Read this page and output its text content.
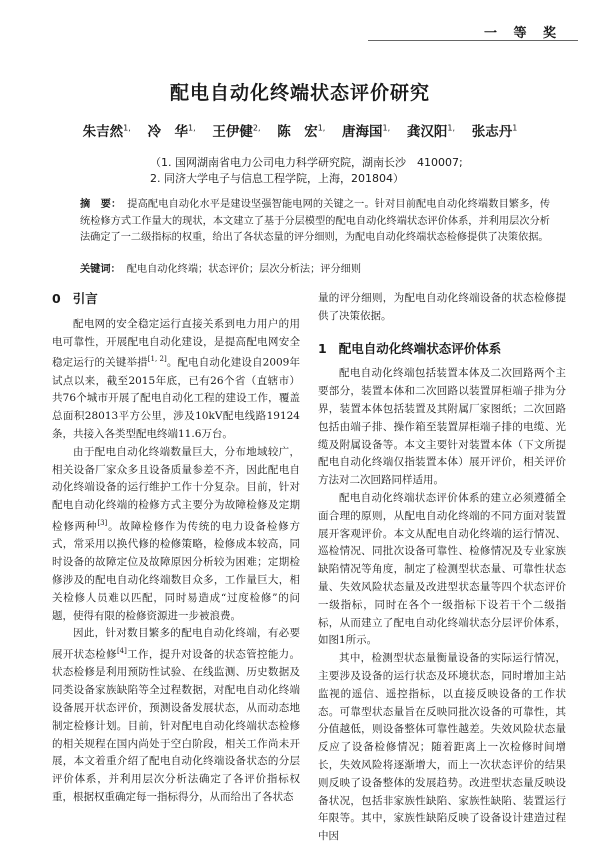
一 等 奖
配电自动化终端状态评价研究
朱吉然$^{1,}$ 冷　华$^{1,}$ 王伊健$^{2,}$ 陈　宏$^{1,}$ 唐海国$^{1,}$ 龚汉阳$^{1,}$ 张志丹$^1$
（1. 国网湖南省电力公司电力科学研究院，湖南长沙　410007;
2. 同济大学电子与信息工程学院，上海，201804）
摘　要： 提高配电自动化水平是建设坚强智能电网的关键之一。针对目前配电自动化终端数目繁多，传统检修方式工作量大的现状，本文建立了基于分层模型的配电自动化终端状态评价体系，并利用层次分析法确定了一二级指标的权重，给出了各状态量的评分细则，为配电自动化终端状态检修提供了决策依据。
关键词： 配电自动化终端；状态评价；层次分析法；评分细则
0 引言

配电网的安全稳定运行直接关系到电力用户的用电可靠性，开展配电自动化建设，是提高配电网安全稳定运行的关键举措[1, 2]。配电自动化建设自2009年试点以来，截至2015年底，已有26个省（直辖市）共76个城市开展了配电自动化工程的建设工作，覆盖总面积28013平方公里，涉及10kV配电线路19124条，共接入各类型配电终端11.6万台。

由于配电自动化终端数量巨大，分布地域较广，相关设备厂家众多且设备质量参差不齐，因此配电自动化终端设备的运行维护工作十分复杂。目前，针对配电自动化终端的检修方式主要分为故障检修及定期检修两种[3]。故障检修作为传统的电力设备检修方式，常采用以换代修的检修策略，检修成本较高，同时设备的故障定位及故障原因分析较为困难；定期检修涉及的配电自动化终端数目众多，工作量巨大，相关检修人员难以匹配，同时易造成“过度检修”的问题，使得有限的检修资源进一步被浪费。

因此，针对数目繁多的配电自动化终端，有必要展开状态检修[4]工作，提升对设备的状态管控能力。状态检修是利用预防性试验、在线监测、历史数据及同类设备家族缺陷等全过程数据，对配电自动化终端设备展开状态评价，预测设备发展状态，从而动态地制定检修计划。目前，针对配电自动化终端状态检修的相关规程在国内尚处于空白阶段，相关工作尚未开展，本文着重介绍了配电自动化终端设备状态的分层评价体系，并利用层次分析法确定了各评价指标权重，根据权重确定每一指标得分，从而给出了各状态

量的评分细则，为配电自动化终端设备的状态检修提供了决策依据。

1 配电自动化终端状态评价体系

配电自动化终端包括装置本体及二次回路两个主要部分，装置本体和二次回路以装置屏柜端子排为分界，装置本体包括装置及其附属厂家图纸；二次回路包括由端子排、操作箱至装置屏柜端子排的电缆、光缆及附属设备等。本文主要针对装置本体（下文所提配电自动化终端仅指装置本体）展开评价，相关评价方法对二次回路同样适用。

配电自动化终端状态评价体系的建立必须遵循全面合理的原则，从配电自动化终端的不同方面对装置展开客观评价。本文从配电自动化终端的运行情况、巡检情况、同批次设备可靠性、检修情况及专业家族缺陷情况等角度，制定了检测型状态量、可靠性状态量、失效风险状态量及改进型状态量等四个状态评价一级指标，同时在各个一级指标下设若干个二级指标，从而建立了配电自动化终端状态分层评价体系，如图1所示。

其中，检测型状态量衡量设备的实际运行情况，主要涉及设备的运行状态及环境状态，同时增加主站监视的遥信、遥控指标，以直接反映设备的工作状态。可靠型状态量旨在反映同批次设备的可靠性，其分值越低，则设备整体可靠性越差。失效风险状态量反应了设备检修情况；随着距离上一次检修时间增长，失效风险将逐渐增大，而上一次状态评价的结果则反映了设备整体的发展趋势。改进型状态量反映设备状况，包括非家族性缺陷、家族性缺陷、装置运行年限等。其中，家族性缺陷反映了设备设计建造过程中因
